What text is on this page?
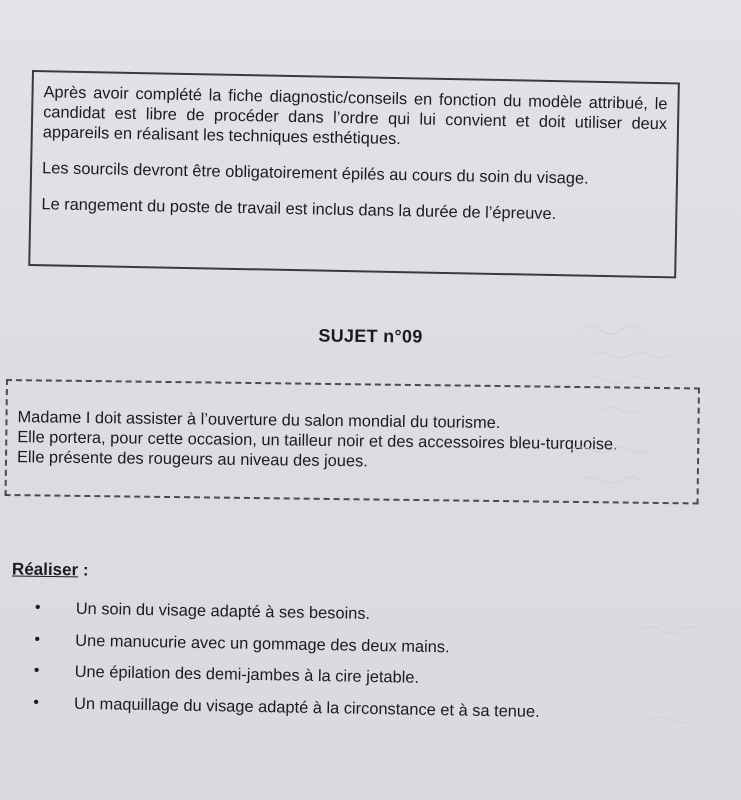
Après avoir complété la fiche diagnostic/conseils en fonction du modèle attribué, le candidat est libre de procéder dans l’ordre qui lui convient et doit utiliser deux appareils en réalisant les techniques esthétiques.

Les sourcils devront être obligatoirement épilés au cours du soin du visage.

Le rangement du poste de travail est inclus dans la durée de l’épreuve.

SUJET n°09

Madame I doit assister à l’ouverture du salon mondial du tourisme.

Elle portera, pour cette occasion, un tailleur noir et des accessoires bleu-turquoise.

Elle présente des rougeurs au niveau des joues.

Réaliser :
•	Un soin du visage adapté à ses besoins.
•	Une manucurie avec un gommage des deux mains.
•	Une épilation des demi-jambes à la cire jetable.
•	Un maquillage du visage adapté à la circonstance et à sa tenue.
